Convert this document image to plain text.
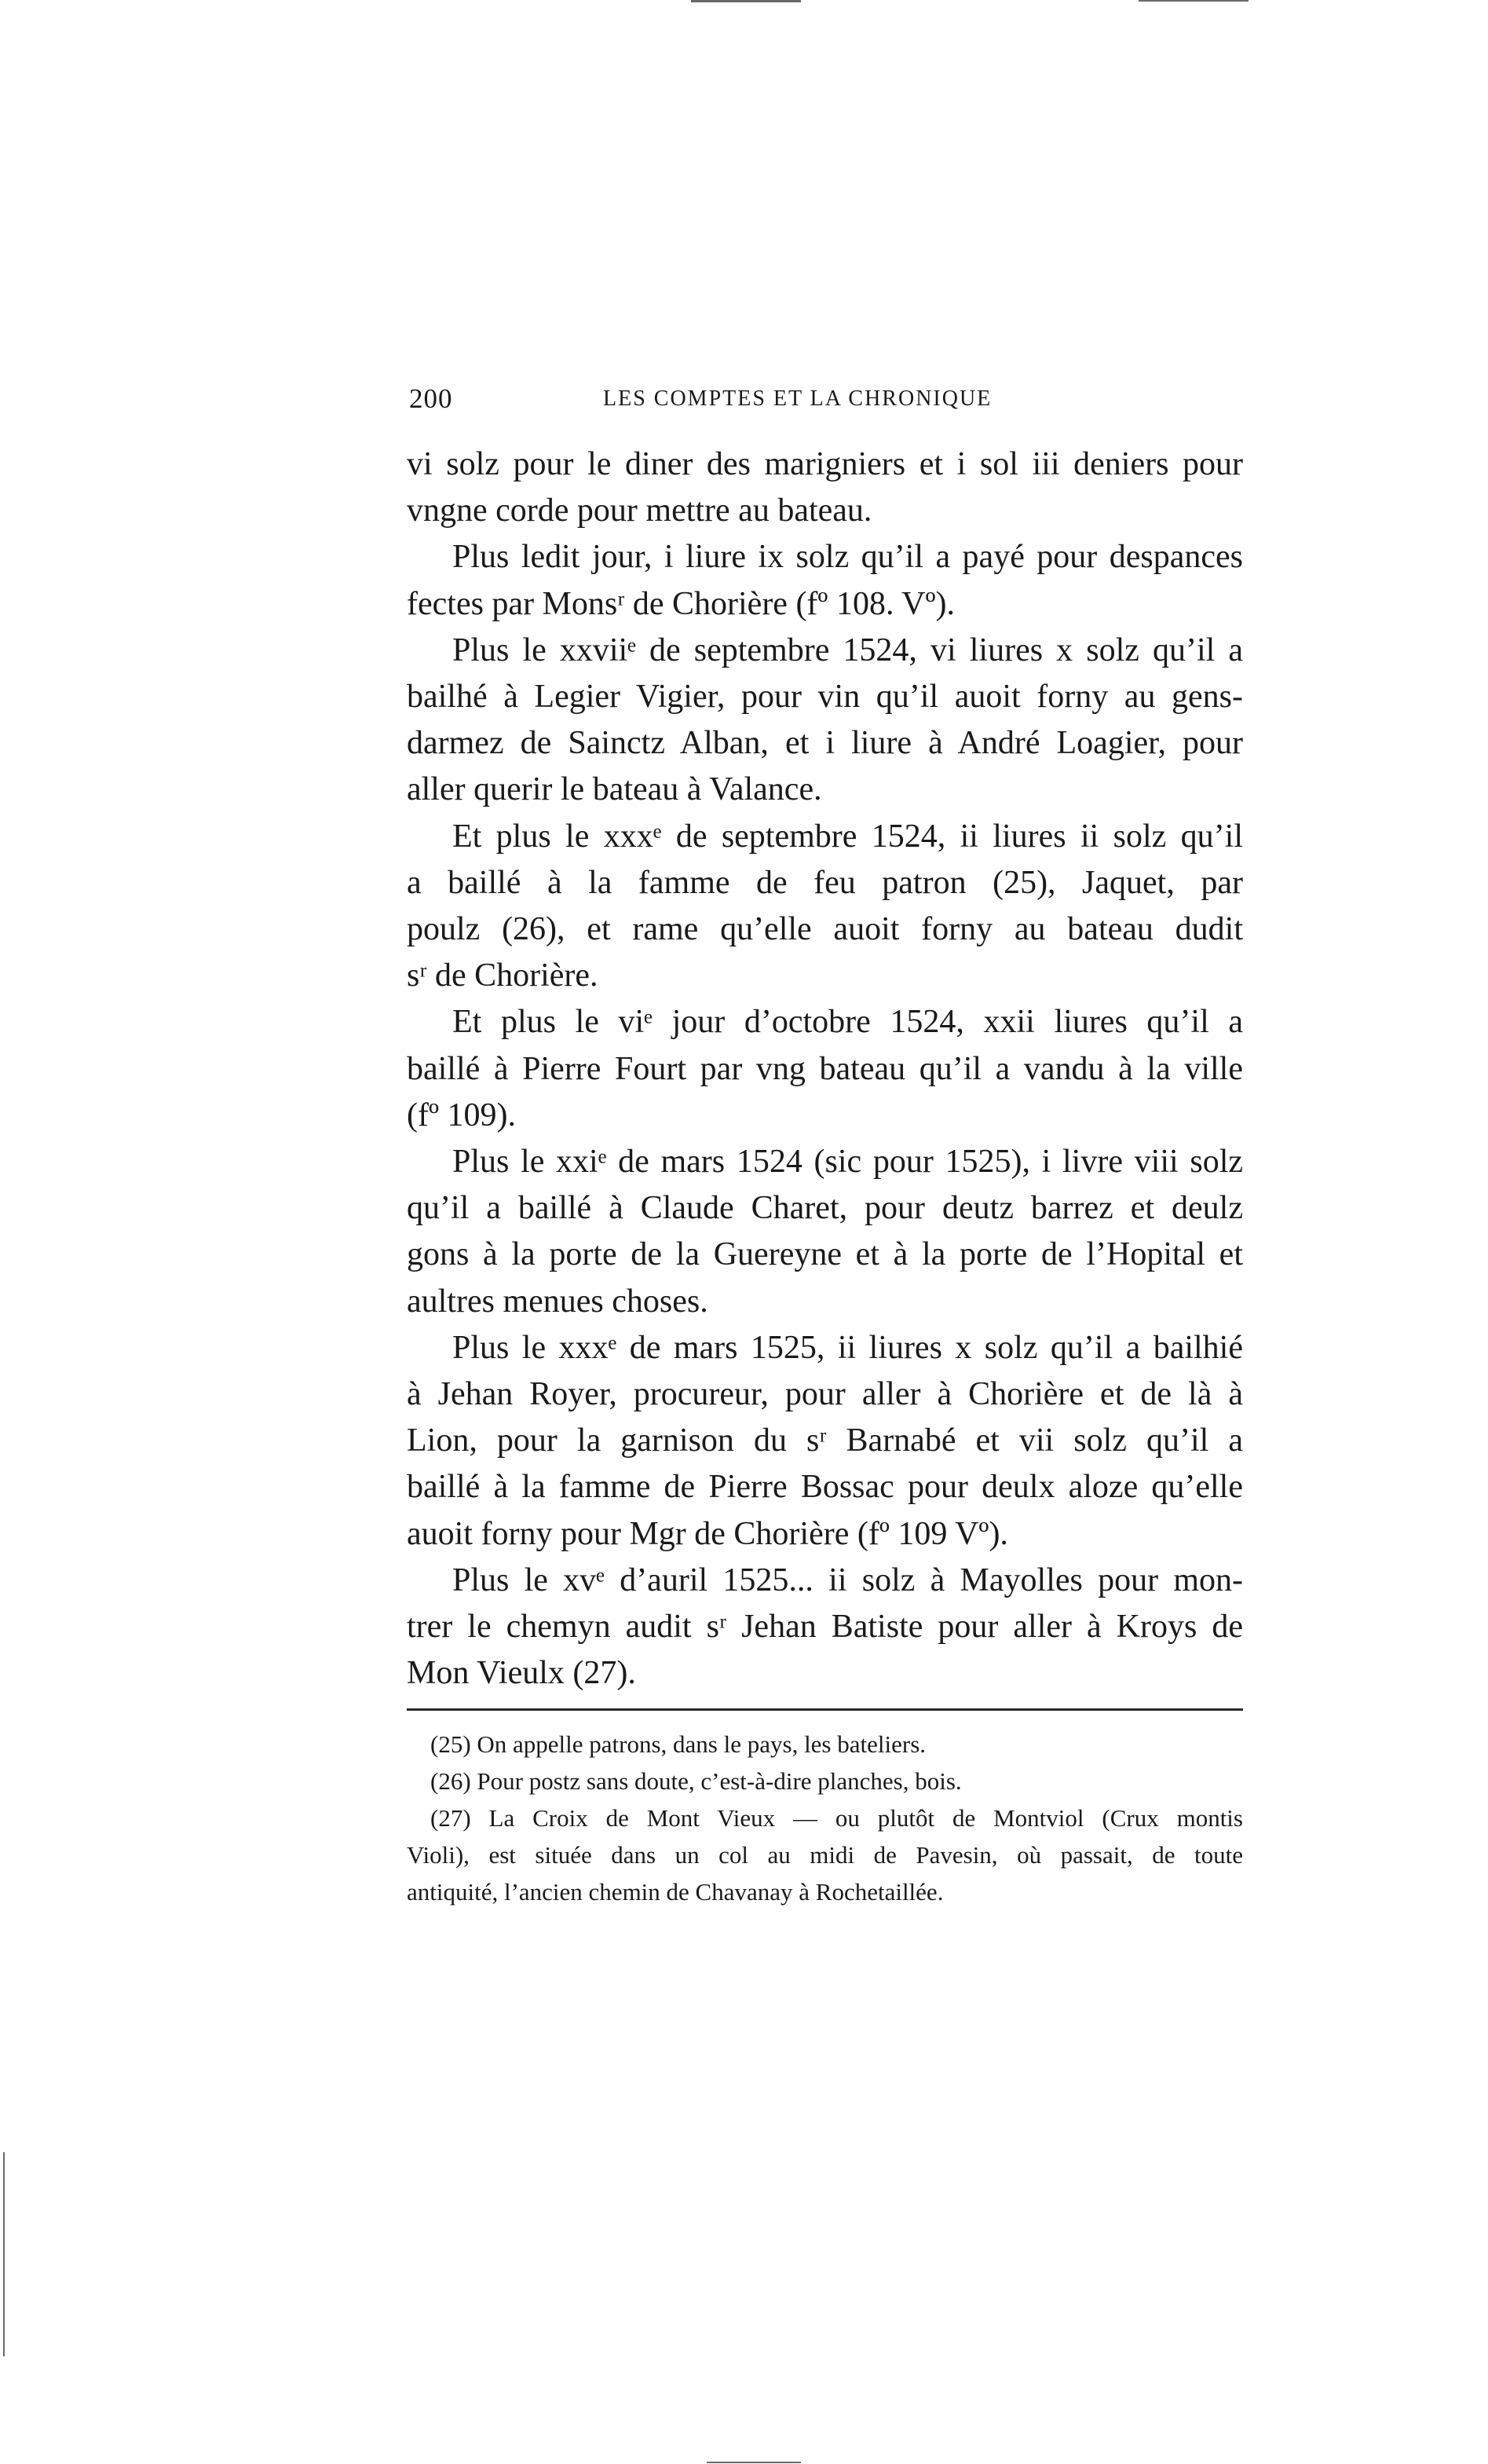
200	LES COMPTES ET LA CHRONIQUE

vi solz pour le diner des marigniers et i sol iii deniers pour
vngne corde pour mettre au bateau.

Plus ledit jour, i liure ix solz qu’il a payé pour despances
fectes par Monsʳ de Chorière (fº 108. Vº).

Plus le xxviiᵉ de septembre 1524, vi liures x solz qu’il a
bailhé à Legier Vigier, pour vin qu’il auoit forny au gens-
darmez de Sainctz Alban, et i liure à André Loagier, pour
aller querir le bateau à Valance.

Et plus le xxxᵉ de septembre 1524, ii liures ii solz qu’il
a baillé à la famme de feu patron (25), Jaquet, par
poulz (26), et rame qu’elle auoit forny au bateau dudit
sʳ de Chorière.

Et plus le viᵉ jour d’octobre 1524, xxii liures qu’il a
baillé à Pierre Fourt par vng bateau qu’il a vandu à la ville
(fº 109).

Plus le xxiᵉ de mars 1524 (sic pour 1525), i livre viii solz
qu’il a baillé à Claude Charet, pour deutz barrez et deulz
gons à la porte de la Guereyne et à la porte de l’Hopital et
aultres menues choses.

Plus le xxxᵉ de mars 1525, ii liures x solz qu’il a bailhié
à Jehan Royer, procureur, pour aller à Chorière et de là à
Lion, pour la garnison du sʳ Barnabé et vii solz qu’il a
baillé à la famme de Pierre Bossac pour deulx aloze qu’elle
auoit forny pour Mgr de Chorière (fº 109 Vº).

Plus le xvᵉ d’auril 1525... ii solz à Mayolles pour mon-
trer le chemyn audit sʳ Jehan Batiste pour aller à Kroys de
Mon Vieulx (27).

(25) On appelle patrons, dans le pays, les bateliers.

(26) Pour postz sans doute, c’est-à-dire planches, bois.

(27) La Croix de Mont Vieux — ou plutôt de Montviol (Crux montis
Violi), est située dans un col au midi de Pavesin, où passait, de toute
antiquité, l’ancien chemin de Chavanay à Rochetaillée.
